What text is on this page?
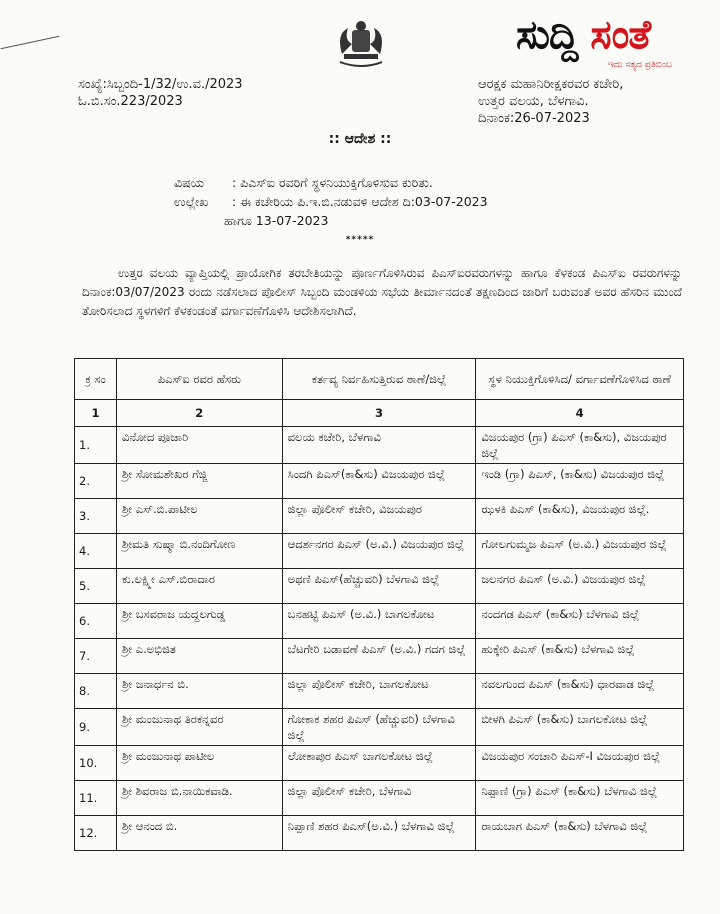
ಸುದ್ದಿ ಸಂತೆ
ಇದು ಸತ್ಯದ ಪ್ರತಿಬಿಂಬ
ಸಂಖ್ಯೆ:ಸಿಬ್ಬಂದಿ-1/32/ಉ.ವ./2023
ಓ.ಬಿ.ಸಂ.223/2023
ಆರಕ್ಷಕ ಮಹಾನಿರೀಕ್ಷಕರವರ ಕಚೇರಿ,
ಉತ್ತರ ವಲಯ, ಬೆಳಗಾವಿ.
ದಿನಾಂಕ:26-07-2023
:: ಆದೇಶ ::
ವಿಷಯ : ಪಿಎಸ್‌ಐ ರವರಿಗೆ ಸ್ಥಳನಿಯುಕ್ತಿಗೊಳಿಸುವ ಕುರಿತು.
ಉಲ್ಲೇಖ : ಈ ಕಚೇರಿಯ ಪಿ.ಇ.ಬಿ.ನಡುವಳಿ ಆದೇಶ ದಿ:03-07-2023
ಹಾಗೂ 13-07-2023
*****
ಉತ್ತರ ವಲಯ ವ್ಯಾಪ್ತಿಯಲ್ಲಿ ಪ್ರಾಯೋಗಿಕ ತರಬೇತಿಯನ್ನು ಪೂರ್ಣಗೊಳಿಸಿರುವ ಪಿಎಸ್‌ಐರವರುಗಳನ್ನು ಹಾಗೂ ಕೆಳಕಂಡ ಪಿಎಸ್‌ಐ ರವರುಗಳನ್ನು ದಿನಾಂಕ:03/07/2023 ರಂದು ನಡೆಸಲಾದ ಪೊಲೀಸ್ ಸಿಬ್ಬಂದಿ ಮಂಡಳಿಯ ಸಭೆಯ ತೀರ್ಮಾನದಂತೆ ತಕ್ಷಣದಿಂದ ಜಾರಿಗೆ ಬರುವಂತೆ ಅವರ ಹೆಸರಿನ ಮುಂದೆ ತೋರಿಸಲಾದ ಸ್ಥಳಗಳಿಗೆ ಕೆಳಕಂಡಂತೆ ವರ್ಗಾವಣೆಗೊಳಿಸಿ ಆದೇಶಿಸಲಾಗಿದೆ.
ಕ್ರ ಸಂ	ಪಿಎಸ್‌ಐ ರವರ ಹೆಸರು	ಕರ್ತವ್ಯ ನಿರ್ವಹಿಸುತ್ತಿರುವ ಠಾಣೆ/ಜಿಲ್ಲೆ	ಸ್ಥಳ ನಿಯುಕ್ತಿಗೊಳಿಸಿದ/ ವರ್ಗಾವಣೆಗೊಳಿಸಿದ ಠಾಣೆ
1	2	3	4
1.	ವಿನೋದ ಪೂಜಾರಿ	ವಲಯ ಕಚೇರಿ, ಬೆಳಗಾವಿ	ವಿಜಯಪುರ (ಗ್ರಾ) ಪಿಎಸ್ (ಕಾ&ಸು), ವಿಜಯಪುರ ಜಿಲ್ಲೆ
2.	ಶ್ರೀ ಸೋಮಶೇಖರ ಗೆಜ್ಜಿ	ಸಿಂದಗಿ ಪಿಎಸ್(ಕಾ&ಸು) ವಿಜಯಪುರ ಜಿಲ್ಲೆ	ಇಂಡಿ (ಗ್ರಾ) ಪಿಎಸ್, (ಕಾ&ಸು) ವಿಜಯಪುರ ಜಿಲ್ಲೆ
3.	ಶ್ರೀ ಎಸ್.ಬಿ.ಪಾಟೀಲ	ಜಿಲ್ಲಾ ಪೊಲೀಸ್ ಕಚೇರಿ, ವಿಜಯಪುರ	ಝಳಕಿ ಪಿಎಸ್ (ಕಾ&ಸು), ವಿಜಯಪುರ ಜಿಲ್ಲೆ.
4.	ಶ್ರೀಮತಿ ಸುಷ್ಮಾ ಬಿ.ನಂದಿಗೋಣ	ಆದರ್ಶನಗರ ಪಿಎಸ್ (ಅ.ವಿ.) ವಿಜಯಪುರ ಜಿಲ್ಲೆ	ಗೋಲಗುಮ್ಮಜ ಪಿಎಸ್ (ಅ.ವಿ.) ವಿಜಯಪುರ ಜಿಲ್ಲೆ
5.	ಕು.ಲಕ್ಷ್ಮೀ ಎಸ್.ಬಿರಾದಾರ	ಅಥಣಿ ಪಿಎಸ್(ಹೆಚ್ಚುವರಿ) ಬೆಳಗಾವಿ ಜಿಲ್ಲೆ	ಜಲನಗರ ಪಿಎಸ್ (ಅ.ವಿ.) ವಿಜಯಪುರ ಜಿಲ್ಲೆ
6.	ಶ್ರೀ ಬಸವರಾಜ ಯದ್ದಲಗುಡ್ಡ	ಬನಹಟ್ಟಿ ಪಿಎಸ್ (ಅ.ವಿ.) ಬಾಗಲಕೋಟ	ನಂದಗಡ ಪಿಎಸ್ (ಕಾ&ಸು) ಬೆಳಗಾವಿ ಜಿಲ್ಲೆ
7.	ಶ್ರೀ ಎ.ಅಭಿಜಿತ	ಬೆಟಗೇರಿ ಬಡಾವಣೆ ಪಿಎಸ್ (ಅ.ವಿ.) ಗದಗ ಜಿಲ್ಲೆ	ಹುಕ್ಕೇರಿ ಪಿಎಸ್ (ಕಾ&ಸು) ಬೆಳಗಾವಿ ಜಿಲ್ಲೆ
8.	ಶ್ರೀ ಜನಾರ್ಧನ ಬಿ.	ಜಿಲ್ಲಾ ಪೊಲೀಸ್ ಕಚೇರಿ, ಬಾಗಲಕೋಟ	ನವಲಗುಂದ ಪಿಎಸ್ (ಕಾ&ಸು) ಧಾರವಾಡ ಜಿಲ್ಲೆ
9.	ಶ್ರೀ ಮಂಜುನಾಥ ತಿರಕನ್ನವರ	ಗೋಕಾಕ ಶಹರ ಪಿಎಸ್ (ಹೆಚ್ಚುವರಿ) ಬೆಳಗಾವಿ ಜಿಲ್ಲೆ	ಬೀಳಗಿ ಪಿಎಸ್ (ಕಾ&ಸು) ಬಾಗಲಕೋಟ ಜಿಲ್ಲೆ
10.	ಶ್ರೀ ಮಂಜುನಾಥ ಪಾಟೀಲ	ಲೋಕಾಪುರ ಪಿಎಸ್ ಬಾಗಲಕೋಟ ಜಿಲ್ಲೆ	ವಿಜಯಪುರ ಸಂಚಾರಿ ಪಿಎಸ್-I ವಿಜಯಪುರ ಜಿಲ್ಲೆ
11.	ಶ್ರೀ ಶಿವರಾಜ ಬಿ.ನಾಯಿಕವಾಡಿ.	ಜಿಲ್ಲಾ ಪೊಲೀಸ್ ಕಚೇರಿ, ಬೆಳಗಾವಿ	ನಿಪ್ಪಾಣಿ (ಗ್ರಾ) ಪಿಎಸ್ (ಕಾ&ಸು) ಬೆಳಗಾವಿ ಜಿಲ್ಲೆ
12.	ಶ್ರೀ ಆನಂದ ಬಿ.	ನಿಪ್ಪಾಣಿ ಶಹರ ಪಿಎಸ್(ಅ.ವಿ.) ಬೆಳಗಾವಿ ಜಿಲ್ಲೆ	ರಾಯಬಾಗ ಪಿಎಸ್ (ಕಾ&ಸು) ಬೆಳಗಾವಿ ಜಿಲ್ಲೆ
